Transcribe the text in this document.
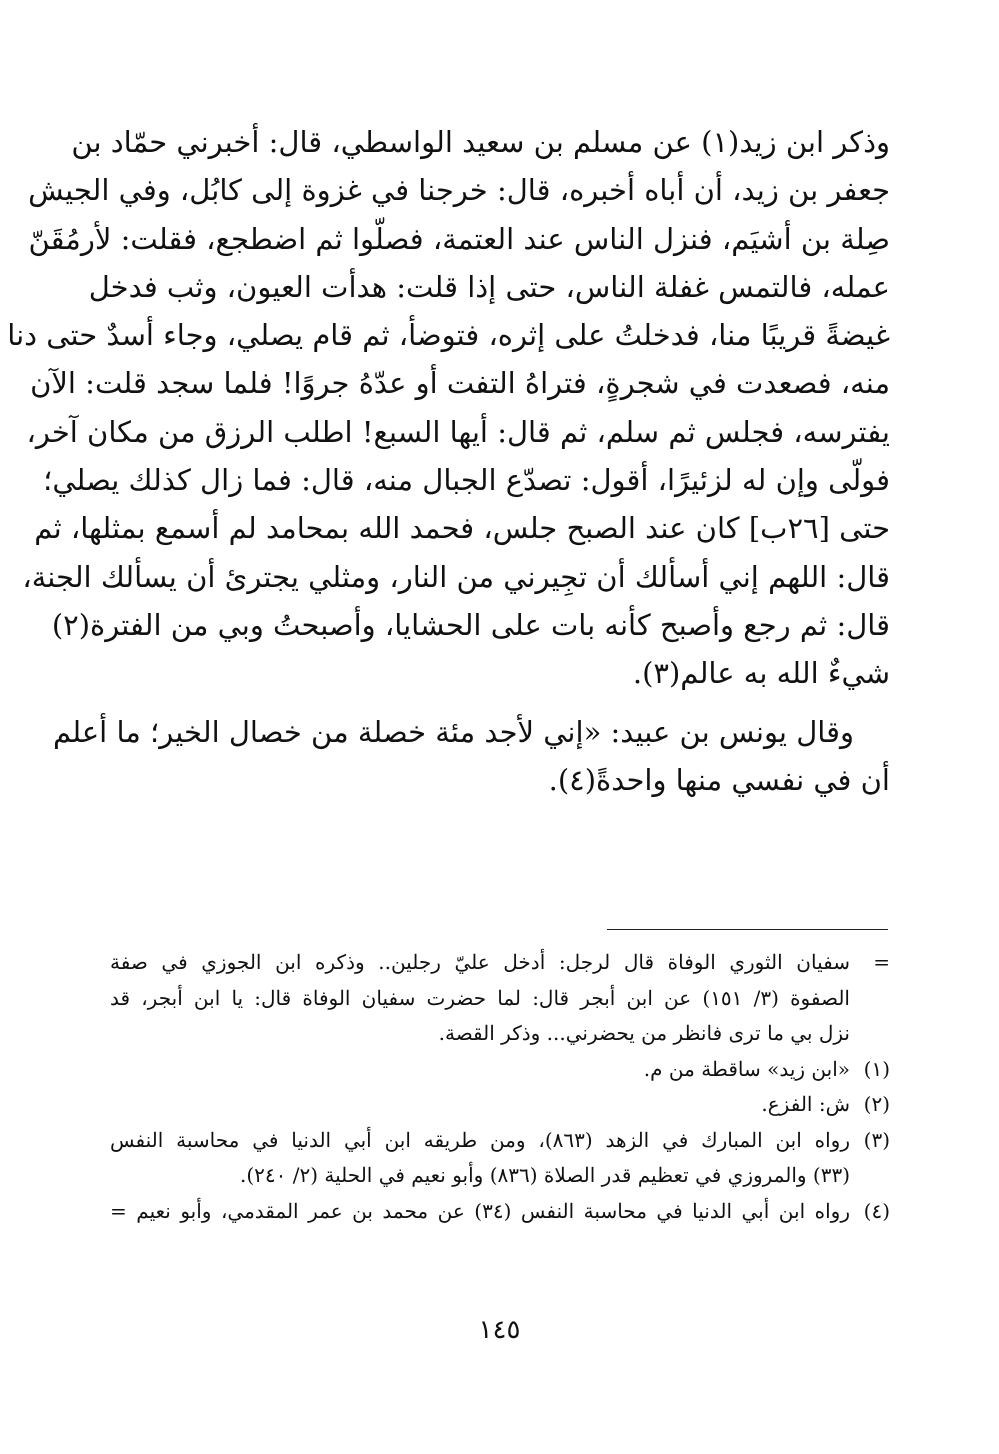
وذكر ابن زيد(١) عن مسلم بن سعيد الواسطي، قال: أخبرني حمّاد بن
جعفر بن زيد، أن أباه أخبره، قال: خرجنا في غزوة إلى كابُل، وفي الجيش
صِلة بن أشيَم، فنزل الناس عند العتمة، فصلّوا ثم اضطجع، فقلت: لأرمُقَنّ
عمله، فالتمس غفلة الناس، حتى إذا قلت: هدأت العيون، وثب فدخل
غيضةً قريبًا منا، فدخلتُ على إثره، فتوضأ، ثم قام يصلي، وجاء أسدٌ حتى دنا
منه، فصعدت في شجرةٍ، فتراهُ التفت أو عدّهُ جروًا! فلما سجد قلت: الآن
يفترسه، فجلس ثم سلم، ثم قال: أيها السبع! اطلب الرزق من مكان آخر،
فولّى وإن له لزئيرًا، أقول: تصدّع الجبال منه، قال: فما زال كذلك يصلي؛
حتى [٢٦ب] كان عند الصبح جلس، فحمد الله بمحامد لم أسمع بمثلها، ثم
قال: اللهم إني أسألك أن تجِيرني من النار، ومثلي يجترئ أن يسألك الجنة،
قال: ثم رجع وأصبح كأنه بات على الحشايا، وأصبحتُ وبي من الفترة(٢)
شيءٌ الله به عالم(٣).
وقال يونس بن عبيد: «إني لأجد مئة خصلة من خصال الخير؛ ما أعلم
أن في نفسي منها واحدةً(٤).
=
سفيان الثوري الوفاة قال لرجل: أدخل عليّ رجلين.. وذكره ابن الجوزي في صفة
الصفوة (٣/ ١٥١) عن ابن أبجر قال: لما حضرت سفيان الوفاة قال: يا ابن أبجر، قد
نزل بي ما ترى فانظر من يحضرني... وذكر القصة.
(١)
«ابن زيد» ساقطة من م.
(٢)
ش: الفزع.
(٣)
رواه ابن المبارك في الزهد (٨٦٣)، ومن طريقه ابن أبي الدنيا في محاسبة النفس
(٣٣) والمروزي في تعظيم قدر الصلاة (٨٣٦) وأبو نعيم في الحلية (٢/ ٢٤٠).
(٤)
رواه ابن أبي الدنيا في محاسبة النفس (٣٤) عن محمد بن عمر المقدمي، وأبو نعيم =
١٤٥
